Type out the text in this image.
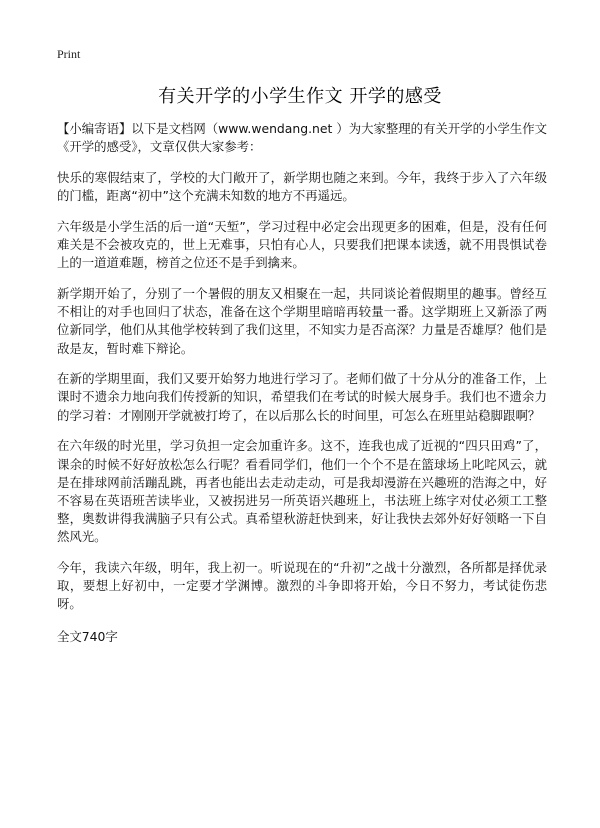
Print
有关开学的小学生作文 开学的感受

【小编寄语】以下是文档网（www.wendang.net ）为大家整理的有关开学的小学生作文《开学的感受》，文章仅供大家参考：

快乐的寒假结束了，学校的大门敞开了，新学期也随之来到。今年，我终于步入了六年级的门槛，距离“初中”这个充满未知数的地方不再遥远。

六年级是小学生活的后一道“天堑”，学习过程中必定会出现更多的困难，但是，没有任何难关是不会被攻克的，世上无难事，只怕有心人，只要我们把课本读透，就不用畏惧试卷上的一道道难题，榜首之位还不是手到擒来。

新学期开始了，分别了一个暑假的朋友又相聚在一起，共同谈论着假期里的趣事。曾经互不相让的对手也回归了状态，准备在这个学期里暗暗再较量一番。这学期班上又新添了两位新同学，他们从其他学校转到了我们这里，不知实力是否高深？力量是否雄厚？他们是敌是友，暂时难下辩论。

在新的学期里面，我们又要开始努力地进行学习了。老师们做了十分从分的准备工作，上课时不遗余力地向我们传授新的知识，希望我们在考试的时候大展身手。我们也不遗余力的学习着：才刚刚开学就被打垮了，在以后那么长的时间里，可怎么在班里站稳脚跟啊？

在六年级的时光里，学习负担一定会加重许多。这不，连我也成了近视的“四只田鸡”了，课余的时候不好好放松怎么行呢？看看同学们，他们一个个不是在篮球场上叱咤风云，就是在排球网前活蹦乱跳，再者也能出去走动走动，可是我却漫游在兴趣班的浩海之中，好不容易在英语班苦读毕业，又被拐进另一所英语兴趣班上，书法班上练字对仗必须工工整整，奥数讲得我满脑子只有公式。真希望秋游赶快到来，好让我快去郊外好好领略一下自然风光。

今年，我读六年级，明年，我上初一。听说现在的“升初”之战十分激烈，各所都是择优录取，要想上好初中，一定要才学渊博。激烈的斗争即将开始，今日不努力，考试徒伤悲呀。

全文740字
